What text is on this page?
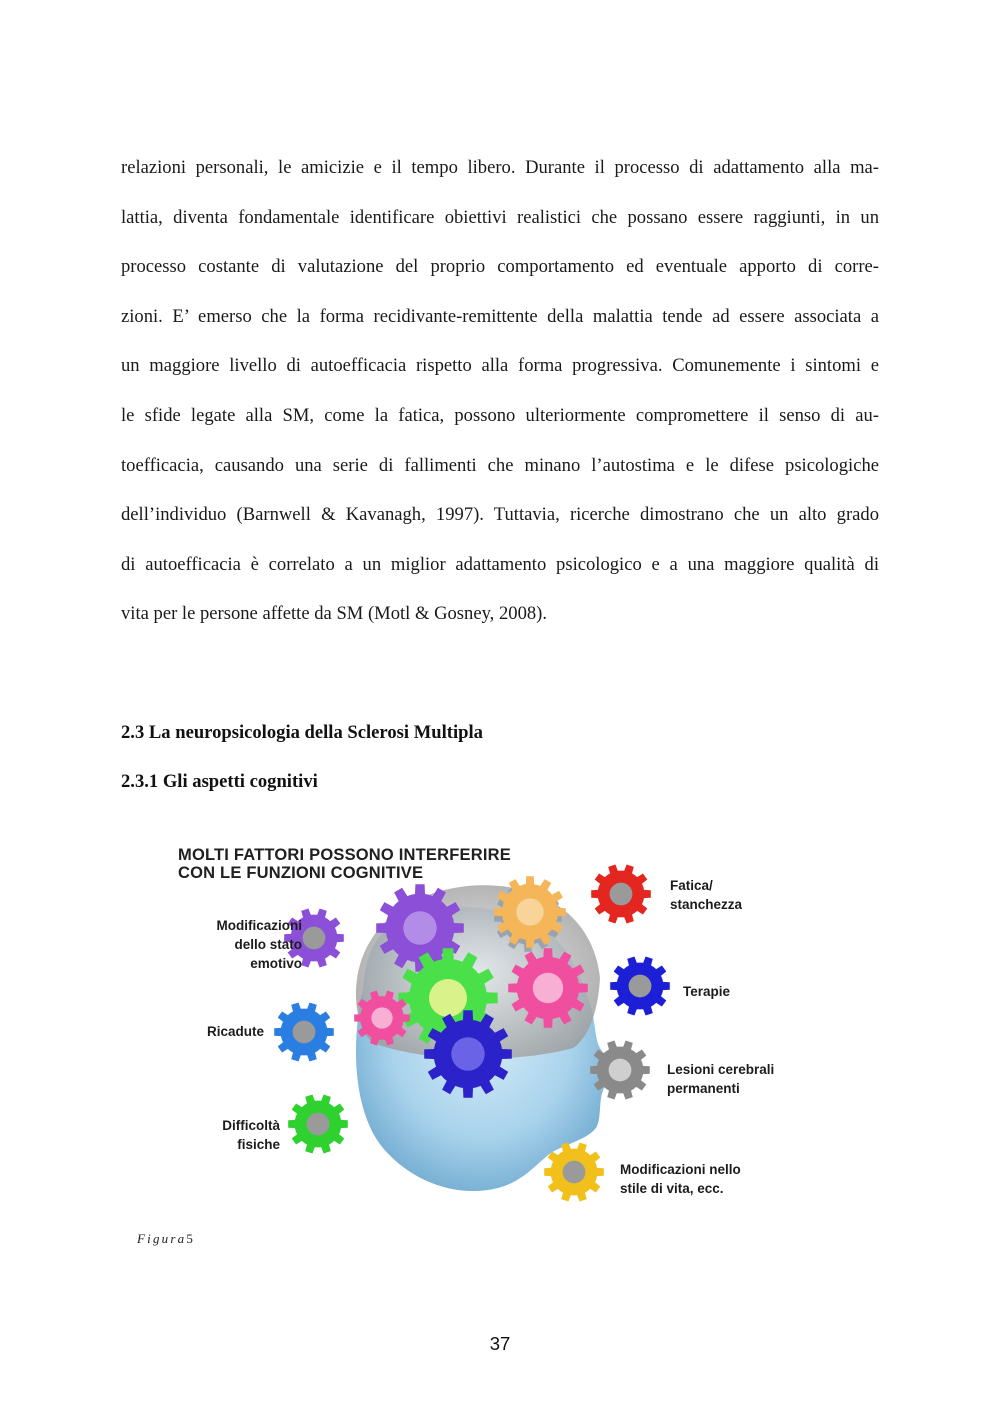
relazioni personali, le amicizie e il tempo libero. Durante il processo di adattamento alla ma-
lattia, diventa fondamentale identificare obiettivi realistici che possano essere raggiunti, in un
processo costante di valutazione del proprio comportamento ed eventuale apporto di corre-
zioni. E’ emerso che la forma recidivante-remittente della malattia tende ad essere associata a
un maggiore livello di autoefficacia rispetto alla forma progressiva. Comunemente i sintomi e
le sfide legate alla SM, come la fatica, possono ulteriormente compromettere il senso di au-
toefficacia, causando una serie di fallimenti che minano l’autostima e le difese psicologiche
dell’individuo (Barnwell & Kavanagh, 1997). Tuttavia, ricerche dimostrano che un alto grado
di autoefficacia è correlato a un miglior adattamento psicologico e a una maggiore qualità di
vita per le persone affette da SM (Motl & Gosney, 2008).
2.3 La neuropsicologia della Sclerosi Multipla
2.3.1 Gli aspetti cognitivi
MOLTI FATTORI POSSONO INTERFERIRE
CON LE FUNZIONI COGNITIVE
Modificazioni
dello stato
emotivo
Ricadute
Difficoltà
fisiche
Fatica/
stanchezza
Terapie
Lesioni cerebrali
permanenti
Modificazioni nello
stile di vita, ecc.
Figura5
37
